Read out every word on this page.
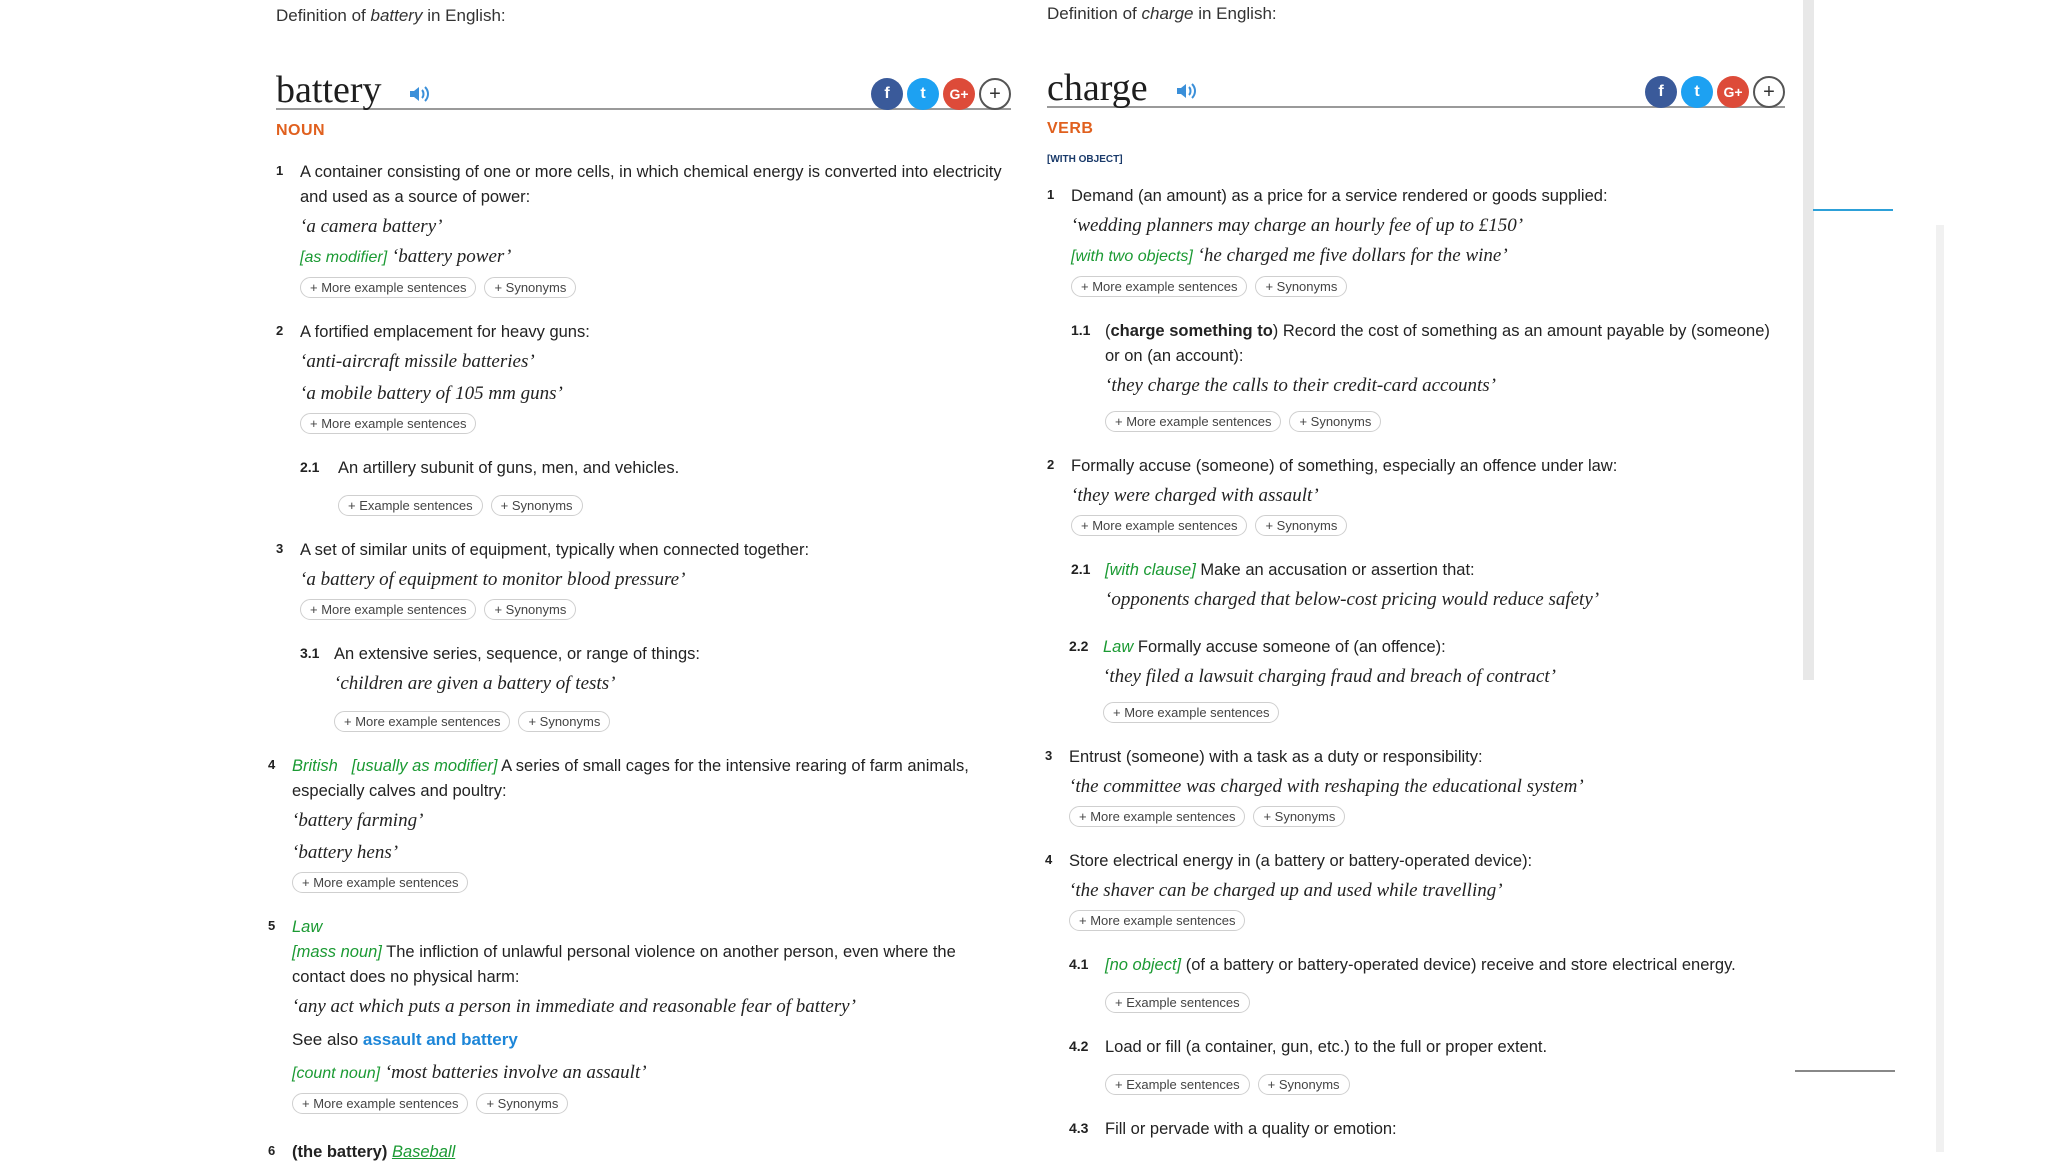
Definition of battery in English:
battery	f	t	G+	+
NOUN
1 A container consisting of one or more cells, in which chemical energy is converted into electricity and used as a source of power:
‘a camera battery’
[as modifier] ‘battery power’
+ More example sentences	+ Synonyms
2 A fortified emplacement for heavy guns:
‘anti-aircraft missile batteries’
‘a mobile battery of 105 mm guns’
+ More example sentences
2.1 An artillery subunit of guns, men, and vehicles.
+ Example sentences	+ Synonyms
3 A set of similar units of equipment, typically when connected together:
‘a battery of equipment to monitor blood pressure’
+ More example sentences	+ Synonyms
3.1 An extensive series, sequence, or range of things:
‘children are given a battery of tests’
+ More example sentences	+ Synonyms
4 British [usually as modifier] A series of small cages for the intensive rearing of farm animals, especially calves and poultry:
‘battery farming’
‘battery hens’
+ More example sentences
5 Law
[mass noun] The infliction of unlawful personal violence on another person, even where the contact does no physical harm:
‘any act which puts a person in immediate and reasonable fear of battery’
See also assault and battery
[count noun] ‘most batteries involve an assault’
+ More example sentences	+ Synonyms
6 (the battery) Baseball
Definition of charge in English:
charge	f	t	G+	+
VERB
[WITH OBJECT]
1 Demand (an amount) as a price for a service rendered or goods supplied:
‘wedding planners may charge an hourly fee of up to £150’
[with two objects] ‘he charged me five dollars for the wine’
+ More example sentences	+ Synonyms
1.1 (charge something to) Record the cost of something as an amount payable by (someone) or on (an account):
‘they charge the calls to their credit-card accounts’
+ More example sentences	+ Synonyms
2 Formally accuse (someone) of something, especially an offence under law:
‘they were charged with assault’
+ More example sentences	+ Synonyms
2.1 [with clause] Make an accusation or assertion that:
‘opponents charged that below-cost pricing would reduce safety’
2.2 Law Formally accuse someone of (an offence):
‘they filed a lawsuit charging fraud and breach of contract’
+ More example sentences
3 Entrust (someone) with a task as a duty or responsibility:
‘the committee was charged with reshaping the educational system’
+ More example sentences	+ Synonyms
4 Store electrical energy in (a battery or battery-operated device):
‘the shaver can be charged up and used while travelling’
+ More example sentences
4.1 [no object] (of a battery or battery-operated device) receive and store electrical energy.
+ Example sentences
4.2 Load or fill (a container, gun, etc.) to the full or proper extent.
+ Example sentences	+ Synonyms
4.3 Fill or pervade with a quality or emotion:
